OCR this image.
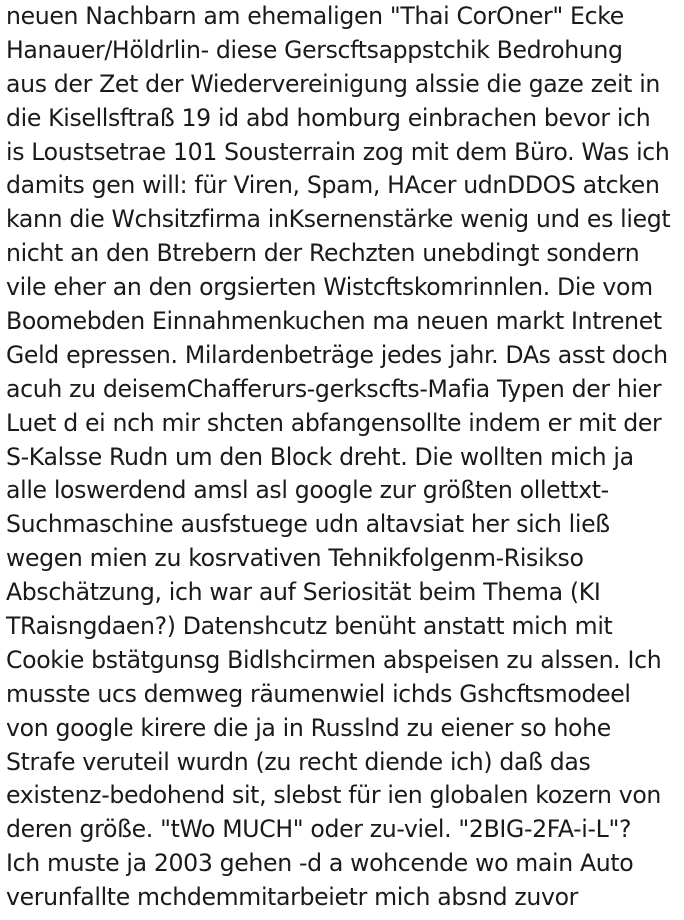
neuen Nachbarn am ehemaligen "Thai CorOner" Ecke
Hanauer/Höldrlin- diese Gerscftsappstchik Bedrohung
aus der Zet der Wiedervereinigung alssie die gaze zeit in
die Kisellsftraß 19 id abd homburg einbrachen bevor ich
is Loustsetrae 101 Sousterrain zog mit dem Büro. Was ich
damits gen will: für Viren, Spam, HAcer udnDDOS atcken
kann die Wchsitzfirma inKsernenstärke wenig und es liegt
nicht an den Btrebern der Rechzten unebdingt sondern
vile eher an den orgsierten Wistcftskomrinnlen. Die vom
Boomebden Einnahmenkuchen ma neuen markt Intrenet
Geld epressen. Milardenbeträge jedes jahr. DAs asst doch
acuh zu deisemChafferurs-gerkscfts-Mafia Typen der hier
Luet d ei nch mir shcten abfangensollte indem er mit der
S-Kalsse Rudn um den Block dreht. Die wollten mich ja
alle loswerdend amsl asl google zur größten ollettxt-
Suchmaschine ausfstuege udn altavsiat her sich ließ
wegen mien zu kosrvativen Tehnikfolgenm-Risikso
Abschätzung, ich war auf Seriosität beim Thema (KI
TRaisngdaen?) Datenshcutz benüht anstatt mich mit
Cookie bstätgunsg Bidlshcirmen abspeisen zu alssen. Ich
musste ucs demweg räumenwiel ichds Gshcftsmodeel
von google kirere die ja in Russlnd zu eiener so hohe
Strafe veruteil wurdn (zu recht diende ich) daß das
existenz-bedohend sit, slebst für ien globalen kozern von
deren größe. "tWo MUCH" oder zu-viel. "2BIG-2FA-i-L"?
Ich muste ja 2003 gehen -d a wohcende wo main Auto
verunfallte mchdemmitarbeietr mich absnd zuvor
